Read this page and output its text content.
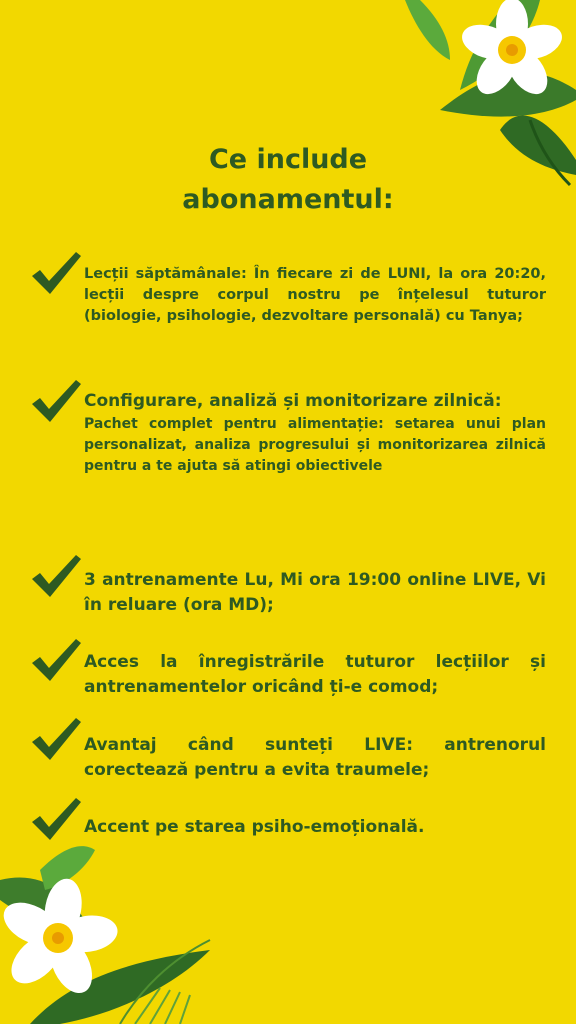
Ce include
abonamentul:

Lecții săptămânale: În fiecare zi de LUNI, la ora 20:20, lecții despre corpul nostru pe înțelesul tuturor (biologie, psihologie, dezvoltare personală) cu Tanya;

Configurare, analiză și monitorizare zilnică:

Pachet complet pentru alimentație: setarea unui plan personalizat, analiza progresului și monitorizarea zilnică pentru a te ajuta să atingi obiectivele

3 antrenamente Lu, Mi ora 19:00 online LIVE, Vi în reluare (ora MD);

Acces la înregistrările tuturor lecțiilor și antrenamentelor oricând ți-e comod;

Avantaj când sunteți LIVE: antrenorul corectează pentru a evita traumele;

Accent pe starea psiho-emoțională.
